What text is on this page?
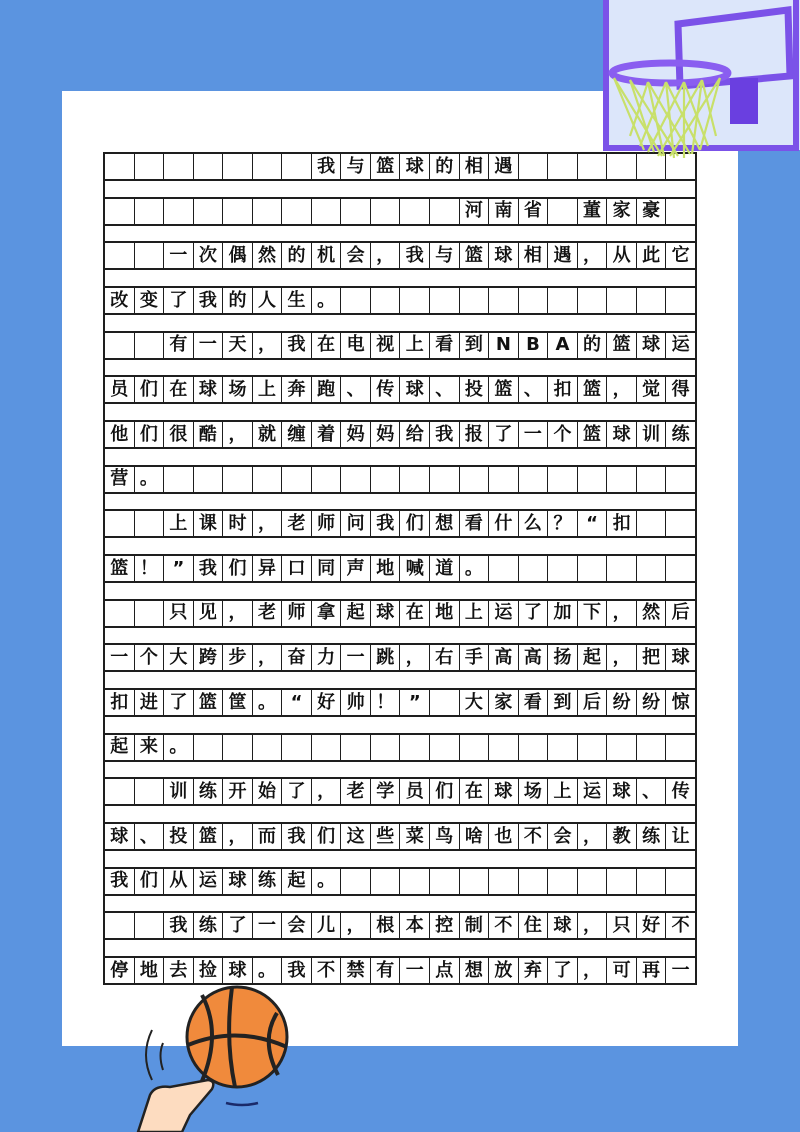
我 与 篮 球 的 相 遇
河 南 省	董 家 豪
一 次 偶 然 的 机 会 ， 我 与 篮 球 相 遇 ， 从 此 它
改 变 了 我 的 人 生 。
有 一 天 ， 我 在 电 视 上 看 到 N B A 的 篮 球 运
员 们 在 球 场 上 奔 跑 、 传 球 、 投 篮 、 扣 篮 ， 觉 得
他 们 很 酷 ， 就 缠 着 妈 妈 给 我 报 了 一 个 篮 球 训 练
营 。
上 课 时 ， 老 师 问 我 们 想 看 什 么 ？ “ 扣
篮 ！ ” 我 们 异 口 同 声 地 喊 道 。
只 见 ， 老 师 拿 起 球 在 地 上 运 了 加 下 ， 然 后
一 个 大 跨 步 ， 奋 力 一 跳 ， 右 手 高 高 扬 起 ， 把 球
扣 进 了 篮 筐 。 “ 好 帅 ！ ”	大 家 看 到 后 纷 纷 惊
起 来 。
训 练 开 始 了 ， 老 学 员 们 在 球 场 上 运 球 、 传
球 、 投 篮 ， 而 我 们 这 些 菜 鸟 啥 也 不 会 ， 教 练 让
我 们 从 运 球 练 起 。
我 练 了 一 会 儿 ， 根 本 控 制 不 住 球 ， 只 好 不
停 地 去 捡 球 。 我 不 禁 有 一 点 想 放 弃 了 ， 可 再 一
